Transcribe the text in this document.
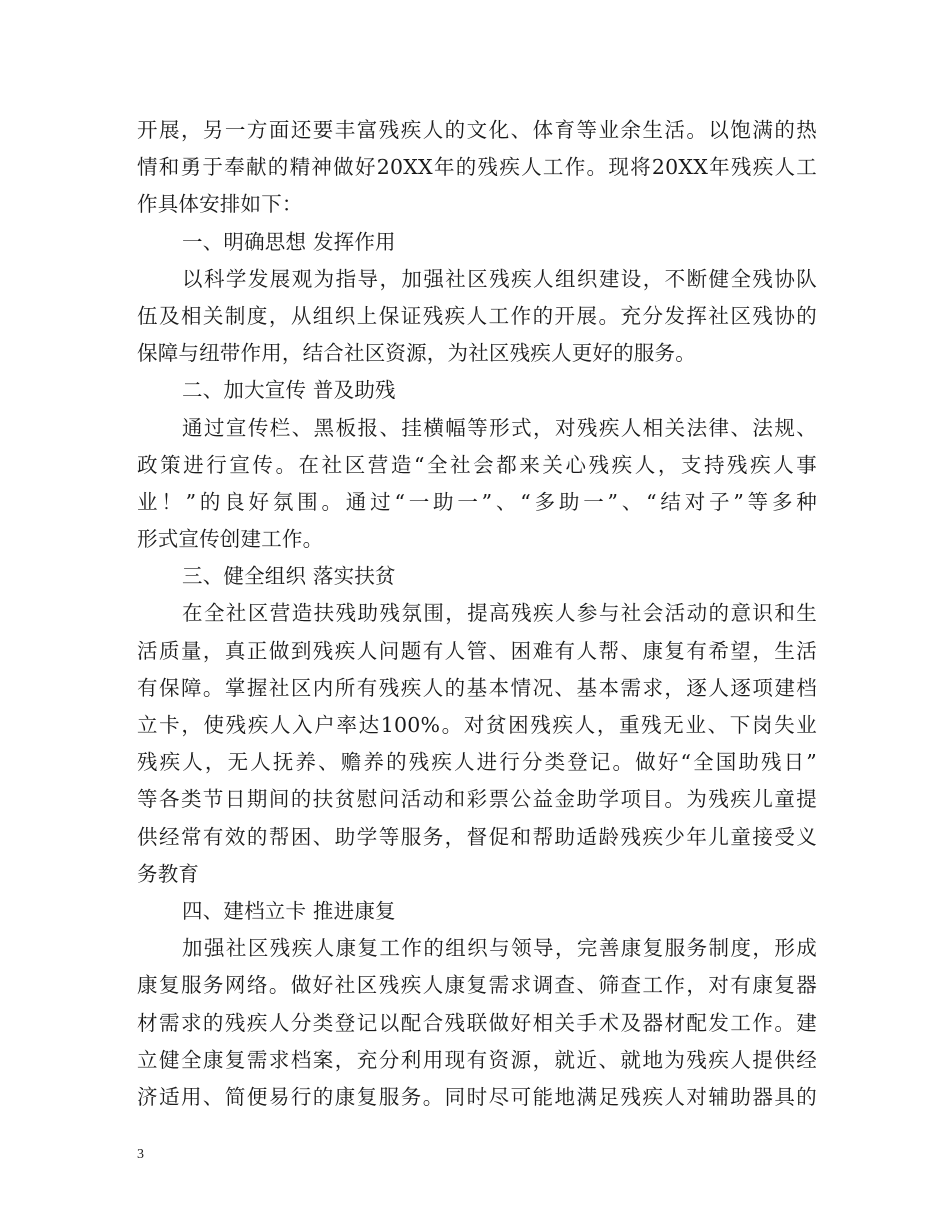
开展，另一方面还要丰富残疾人的文化、体育等业余生活。以饱满的热
情和勇于奉献的精神做好20XX年的残疾人工作。现将20XX年残疾人工
作具体安排如下：
一、明确思想 发挥作用
以科学发展观为指导，加强社区残疾人组织建设，不断健全残协队
伍及相关制度，从组织上保证残疾人工作的开展。充分发挥社区残协的
保障与纽带作用，结合社区资源，为社区残疾人更好的服务。
二、加大宣传 普及助残
通过宣传栏、黑板报、挂横幅等形式，对残疾人相关法律、法规、
政策进行宣传。在社区营造“全社会都来关心残疾人，支持残疾人事
业！”的良好氛围。通过“一助一”、“多助一”、“结对子”等多种
形式宣传创建工作。
三、健全组织 落实扶贫
在全社区营造扶残助残氛围，提高残疾人参与社会活动的意识和生
活质量，真正做到残疾人问题有人管、困难有人帮、康复有希望，生活
有保障。掌握社区内所有残疾人的基本情况、基本需求，逐人逐项建档
立卡，使残疾人入户率达100%。对贫困残疾人，重残无业、下岗失业
残疾人，无人抚养、赡养的残疾人进行分类登记。做好“全国助残日”
等各类节日期间的扶贫慰问活动和彩票公益金助学项目。为残疾儿童提
供经常有效的帮困、助学等服务，督促和帮助适龄残疾少年儿童接受义
务教育
四、建档立卡 推进康复
加强社区残疾人康复工作的组织与领导，完善康复服务制度，形成
康复服务网络。做好社区残疾人康复需求调查、筛查工作，对有康复器
材需求的残疾人分类登记以配合残联做好相关手术及器材配发工作。建
立健全康复需求档案，充分利用现有资源，就近、就地为残疾人提供经
济适用、简便易行的康复服务。同时尽可能地满足残疾人对辅助器具的
3
